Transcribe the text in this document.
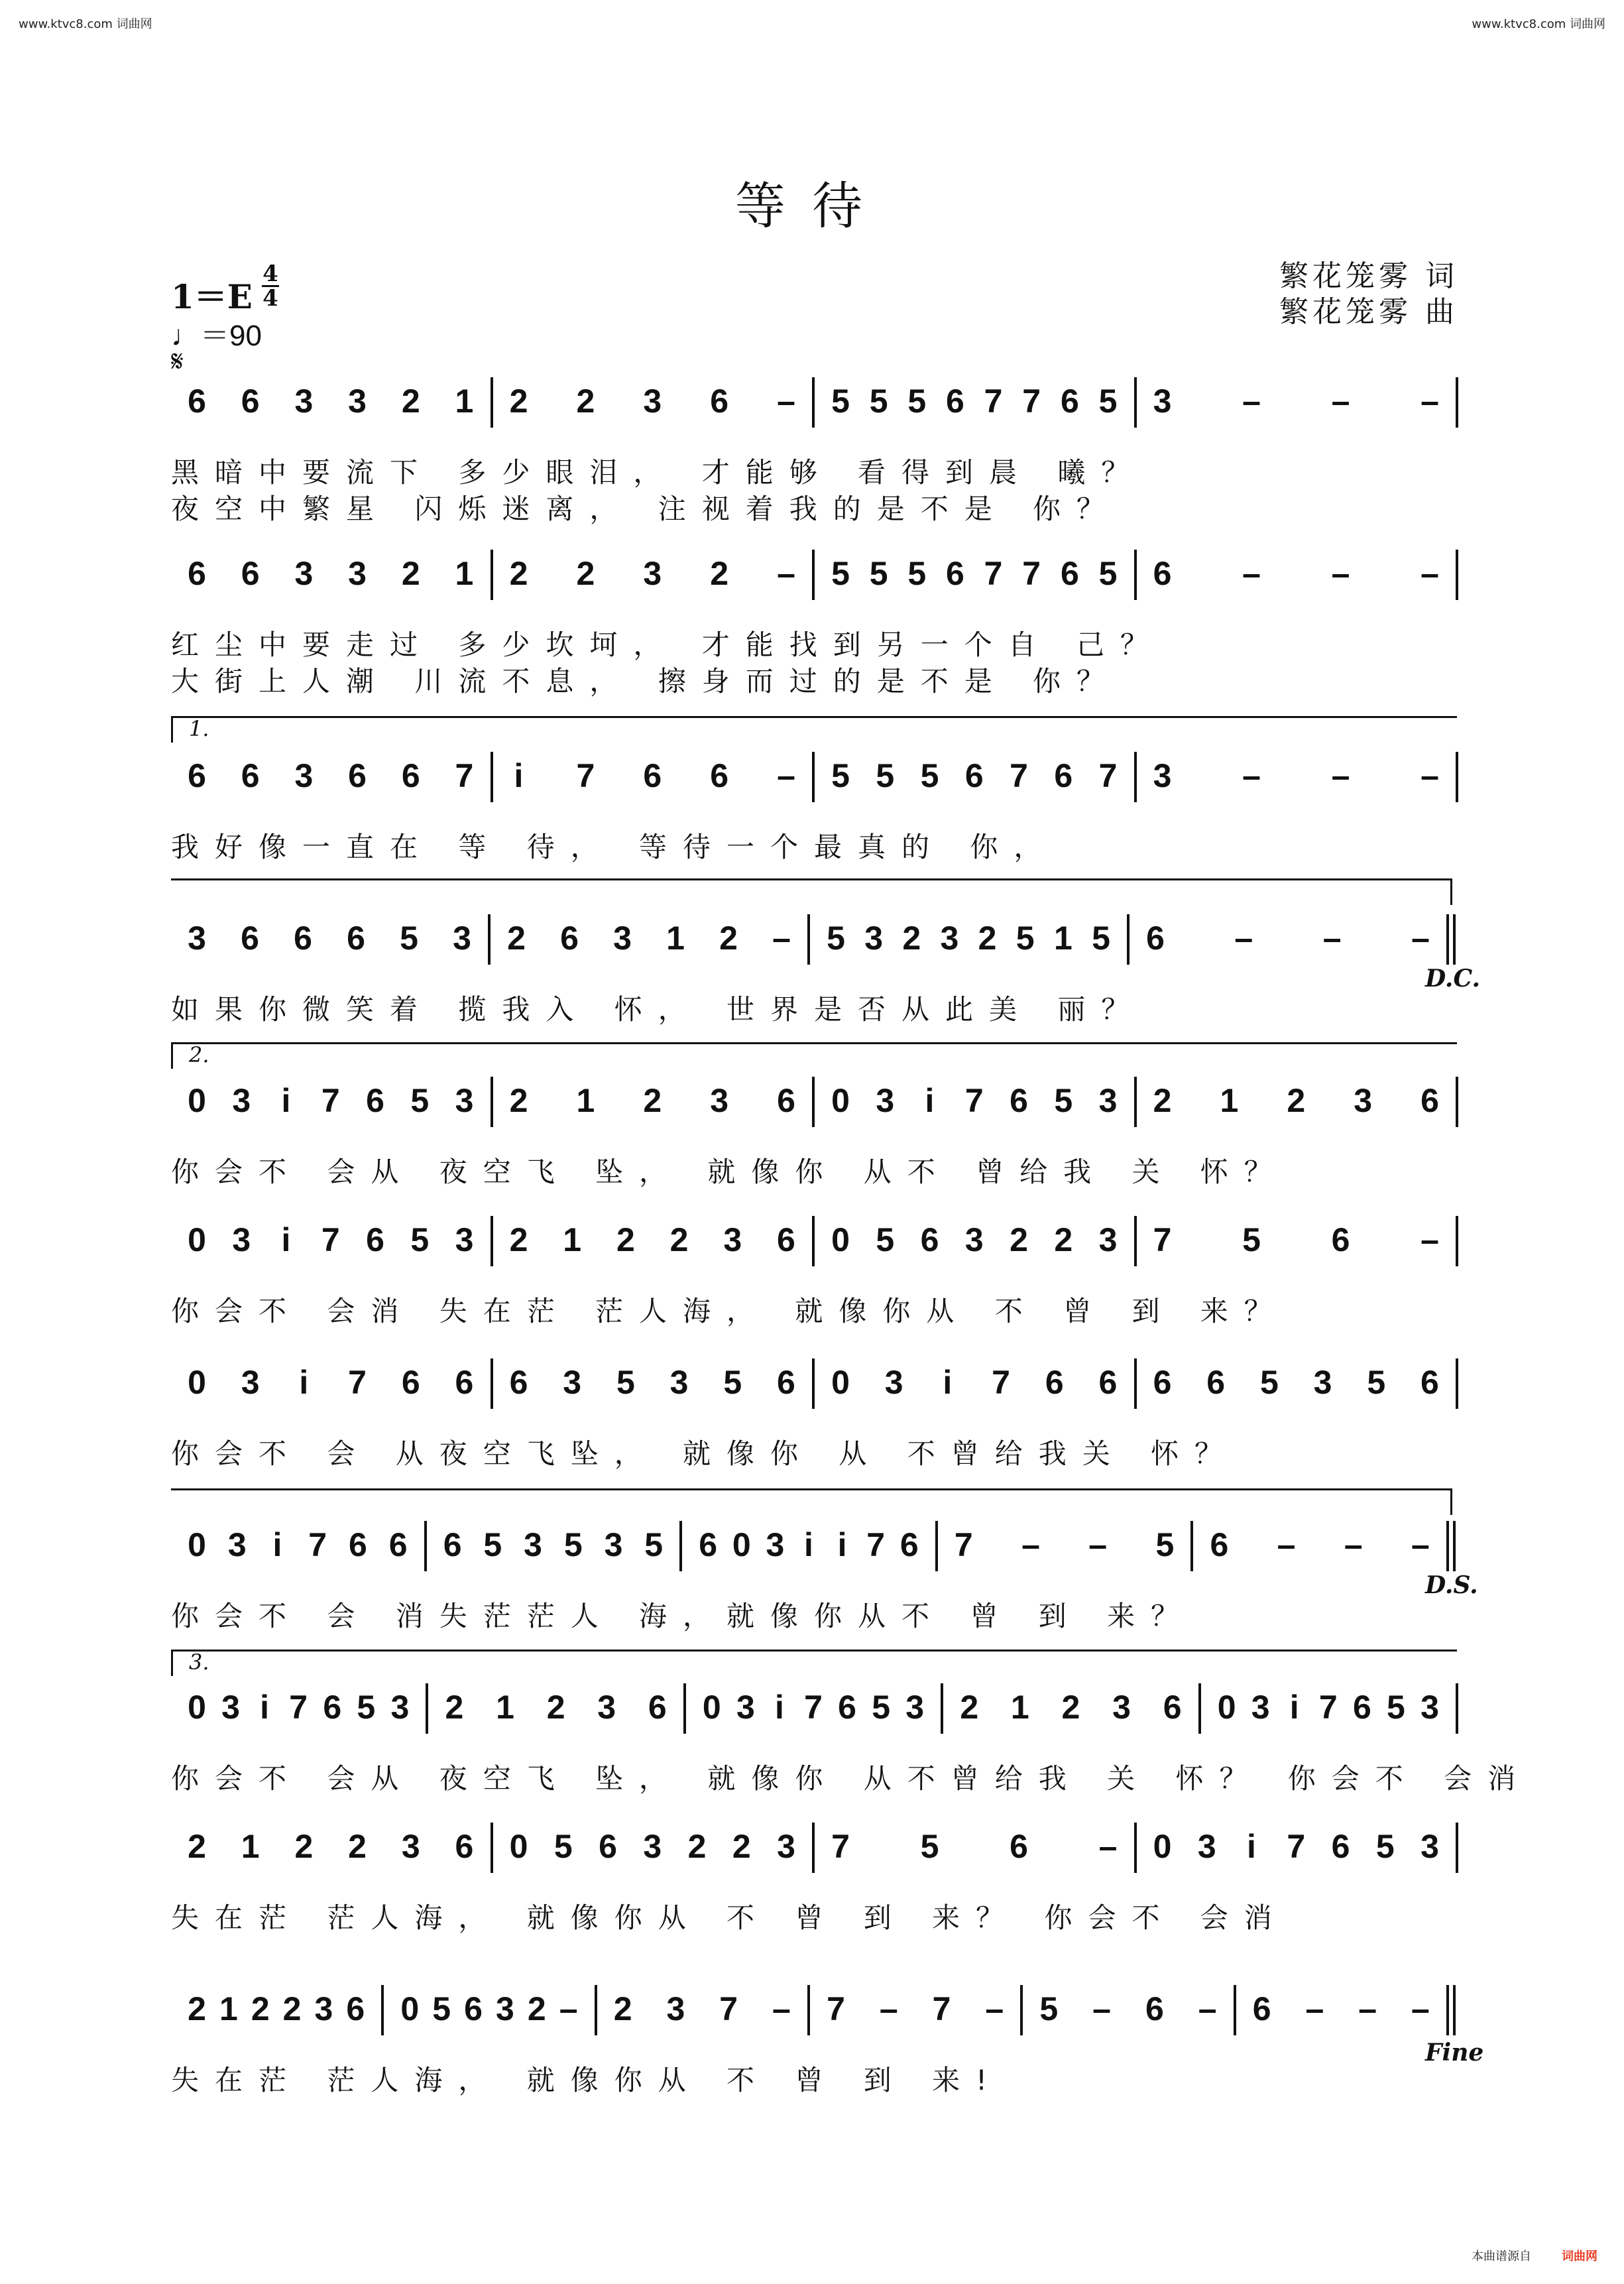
www.ktvc8.com 词曲网	www.ktvc8.com 词曲网
等待
1＝E
4
4
♩＝90
𝄋
繁花笼雾 词
繁花笼雾 曲
6 6 3 3 2 1 2 2 3 6 – 5 5 5 6 7 7 6 5 3 – – –
黑暗中要流下 多少眼泪， 才能够 看得到晨 曦？
夜空中繁星 闪烁迷离， 注视着我的是不是 你？
6 6 3 3 2 1 2 2 3 2 – 5 5 5 6 7 7 6 5 6 – – –
红尘中要走过 多少坎坷， 才能找到另一个自 己？
大街上人潮 川流不息， 擦身而过的是不是 你？
6 6 3 6 6 7 i 7 6 6 – 5 5 5 6 7 6 7 3 – – –
我好像一直在 等 待， 等待一个最真的 你，
3 6 6 6 5 3 2 6 3 1 2 – 5 3 2 3 2 5 1 5 6 – – –
如果你微笑着 揽我入 怀， 世界是否从此美 丽？
0 3 i 7 6 5 3 2 1 2 3 6 0 3 i 7 6 5 3 2 1 2 3 6
你会不 会从 夜空飞 坠， 就像你 从不 曾给我 关 怀？
0 3 i 7 6 5 3 2 1 2 2 3 6 0 5 6 3 2 2 3 7 5 6 –
你会不 会消 失在茫 茫人海， 就像你从 不 曾 到 来？
0 3 i 7 6 6 6 3 5 3 5 6 0 3 i 7 6 6 6 6 5 3 5 6
你会不 会 从夜空飞坠， 就像你 从 不曾给我关 怀？
0 3 i 7 6 6 6 5 3 5 3 5 6 0 3 i i 7 6 7 – – 5 6 – – –
你会不 会 消失茫茫人 海，就像你从不 曾 到 来？
0 3 i 7 6 5 3 2 1 2 3 6 0 3 i 7 6 5 3 2 1 2 3 6 0 3 i 7 6 5 3
你会不 会从 夜空飞 坠， 就像你 从不曾给我 关 怀？ 你会不 会消
2 1 2 2 3 6 0 5 6 3 2 2 3 7 5 6 – 0 3 i 7 6 5 3
失在茫 茫人海， 就像你从 不 曾 到 来？ 你会不 会消
2 1 2 2 3 6 0 5 6 3 2 – 2 3 7 – 7 – 7 – 5 – 6 – 6 – – –
失在茫 茫人海， 就像你从 不 曾 到 来!
D.C.
D.S.
Fine
1.
2.
3.
本曲谱源自	词曲网
